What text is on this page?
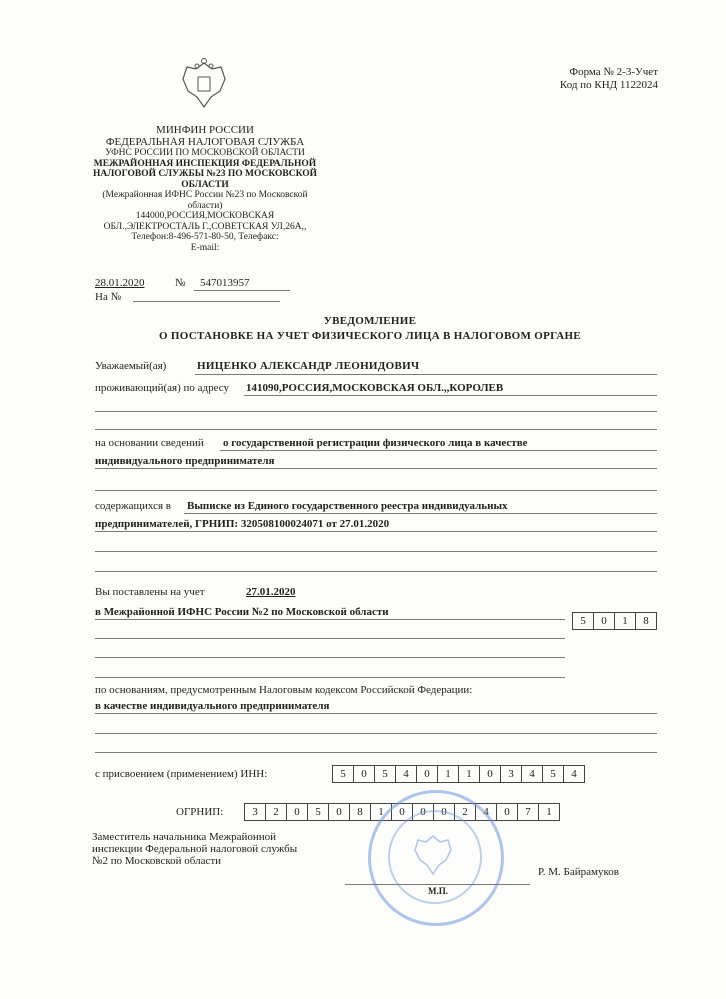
Форма № 2-3-Учет
Код по КНД 1122024
МИНФИН РОССИИ
ФЕДЕРАЛЬНАЯ НАЛОГОВАЯ СЛУЖБА
УФНС РОССИИ ПО МОСКОВСКОЙ ОБЛАСТИ
МЕЖРАЙОННАЯ ИНСПЕКЦИЯ ФЕДЕРАЛЬНОЙ
НАЛОГОВОЙ СЛУЖБЫ №23 ПО МОСКОВСКОЙ
ОБЛАСТИ
(Межрайонная ИФНС России №23 по Московской
области)
144000,РОССИЯ,МОСКОВСКАЯ
ОБЛ.,ЭЛЕКТРОСТАЛЬ Г.,СОВЕТСКАЯ УЛ,26А,,
Телефон:8-496-571-80-50, Телефакс:
E-mail:
28.01.2020	№ 547013957
На №
УВЕДОМЛЕНИЕ
О ПОСТАНОВКЕ НА УЧЕТ ФИЗИЧЕСКОГО ЛИЦА В НАЛОГОВОМ ОРГАНЕ
Уважаемый(ая)	НИЦЕНКО АЛЕКСАНДР ЛЕОНИДОВИЧ
проживающий(ая) по адресу 141090,РОССИЯ,МОСКОВСКАЯ ОБЛ.,,КОРОЛЕВ
на основании сведений о государственной регистрации физического лица в качестве
индивидуального предпринимателя
содержащихся в Выписке из Единого государственного реестра индивидуальных
предпринимателей, ГРНИП: 320508100024071 от 27.01.2020
Вы поставлены на учет	27.01.2020
в Межрайонной ИФНС России №2 по Московской области
5	0	1	8
по основаниям, предусмотренным Налоговым кодексом Российской Федерации:
в качестве индивидуального предпринимателя
с присвоением (применением) ИНН:	5	0	5	4	0	1	1	0	3	4	5	4
ОГРНИП:	3	2	0	5	0	8	1	0	0	0	2	4	0	7	1
Заместитель начальника Межрайонной
инспекции Федеральной налоговой службы
№2 по Московской области
М.П.
Р. М. Байрамуков
